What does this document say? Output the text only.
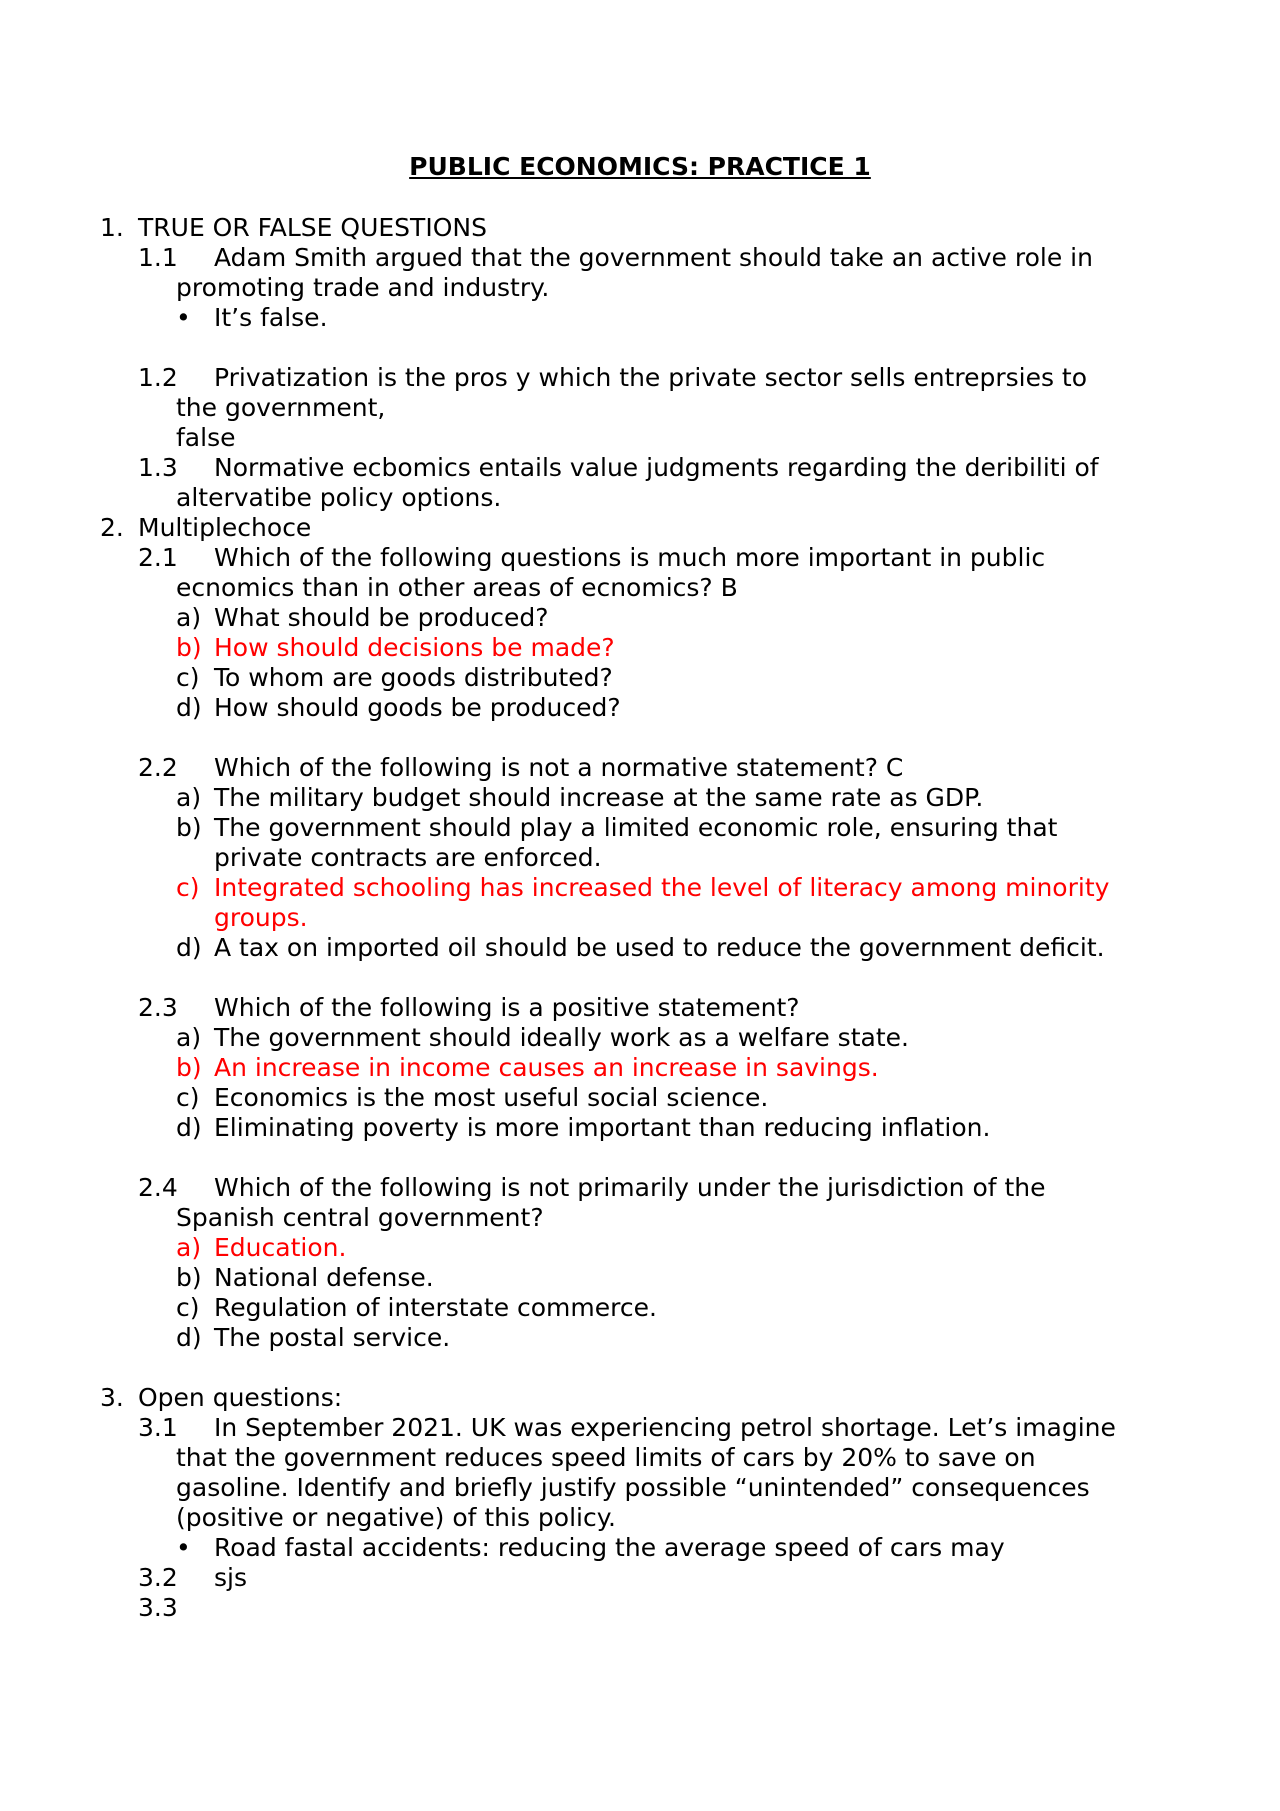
PUBLIC ECONOMICS: PRACTICE 1
1. TRUE OR FALSE QUESTIONS
1.1 Adam Smith argued that the government should take an active role in
promoting trade and industry.
• It’s false.
1.2 Privatization is the pros y which the private sector sells entreprsies to
the government,
false
1.3 Normative ecbomics entails value judgments regarding the deribiliti of
altervatibe policy options.
2. Multiplechoce
2.1 Which of the following questions is much more important in public
ecnomics than in other areas of ecnomics? B
a) What should be produced?
b) How should decisions be made?
c) To whom are goods distributed?
d) How should goods be produced?
2.2 Which of the following is not a normative statement? C
a) The military budget should increase at the same rate as GDP.
b) The government should play a limited economic role, ensuring that
private contracts are enforced.
c) Integrated schooling has increased the level of literacy among minority
groups.
d) A tax on imported oil should be used to reduce the government deficit.
2.3 Which of the following is a positive statement?
a) The government should ideally work as a welfare state.
b) An increase in income causes an increase in savings.
c) Economics is the most useful social science.
d) Eliminating poverty is more important than reducing inflation.
2.4 Which of the following is not primarily under the jurisdiction of the
Spanish central government?
a) Education.
b) National defense.
c) Regulation of interstate commerce.
d) The postal service.
3. Open questions:
3.1 In September 2021. UK was experiencing petrol shortage. Let’s imagine
that the government reduces speed limits of cars by 20% to save on
gasoline. Identify and briefly justify possible “unintended” consequences
(positive or negative) of this policy.
• Road fastal accidents: reducing the average speed of cars may
3.2 sjs
3.3
